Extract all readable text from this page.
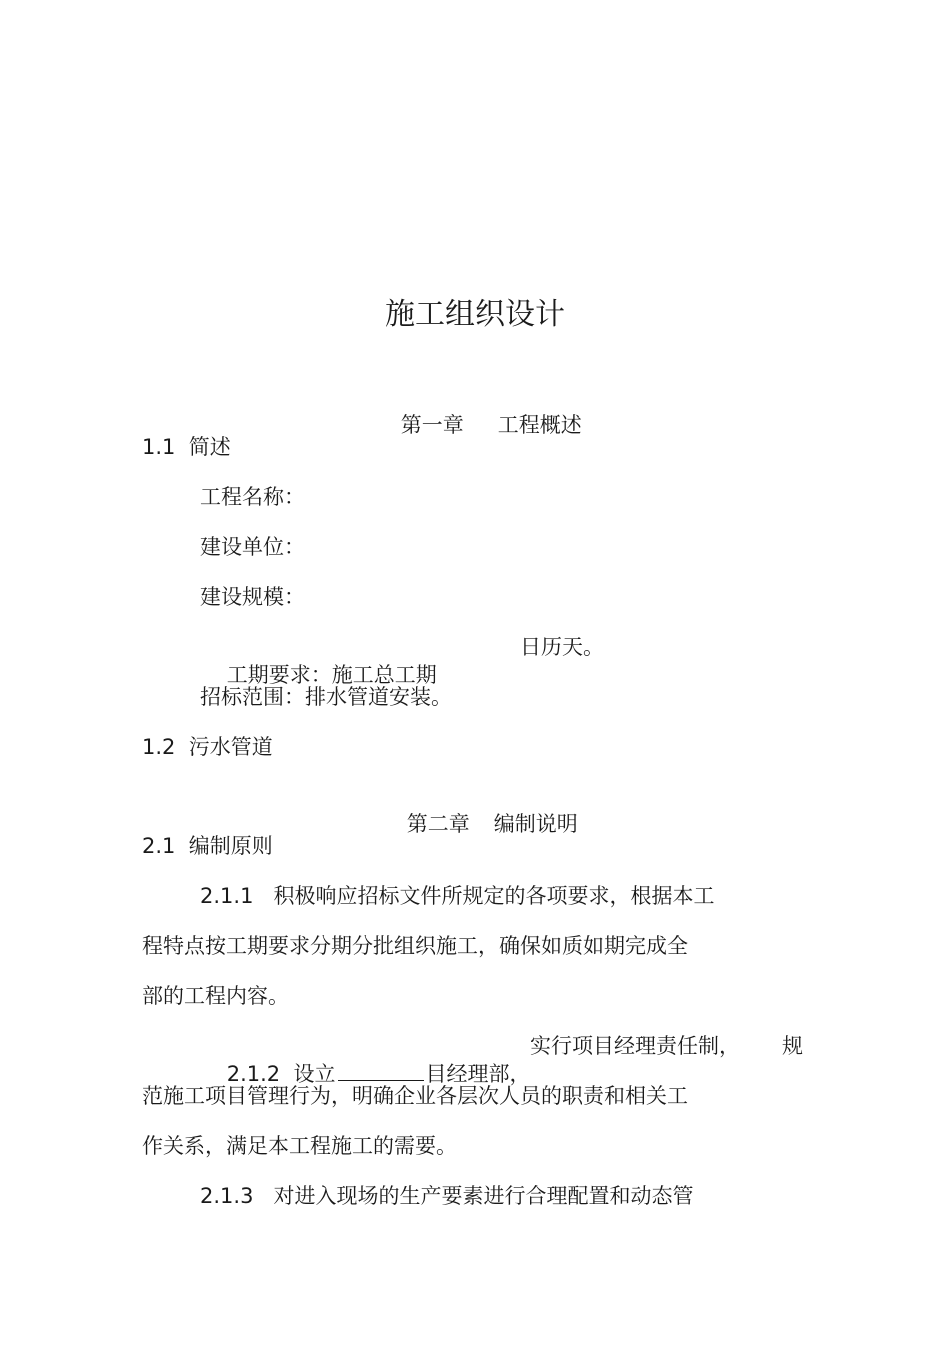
施工组织设计

第一章 工程概述

1.1  简述
工程名称：
建设单位：
建设规模：

工期要求：施工总工期

日历天。
招标范围：排水管道安装。
1.2  污水管道

第二章 编制说明

2.1  编制原则
2.1.1   积极响应招标文件所规定的各项要求，根据本工
程特点按工期要求分期分批组织施工，确保如质如期完成全
部的工程内容。

2.1.2  设立	目经理部，

实行项目经理责任制， 规
范施工项目管理行为，明确企业各层次人员的职责和相关工
作关系，满足本工程施工的需要。
2.1.3   对进入现场的生产要素进行合理配置和动态管
